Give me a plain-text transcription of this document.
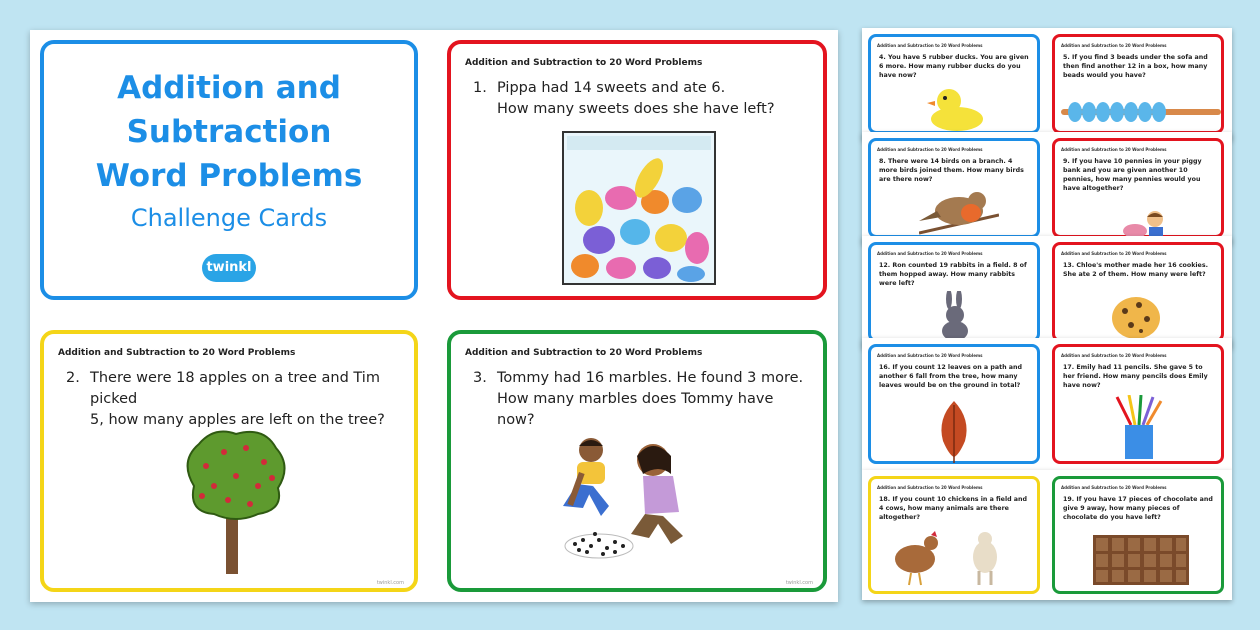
Addition and
Subtraction
Word Problems
Challenge Cards
twinkl
Addition and Subtraction to 20 Word Problems
1. Pippa had 14 sweets and ate 6.
How many sweets does she have left?
Addition and Subtraction to 20 Word Problems
2. There were 18 apples on a tree and Tim picked
5, how many apples are left on the tree?
twinkl.com
Addition and Subtraction to 20 Word Problems
3. Tommy had 16 marbles. He found 3 more.
How many marbles does Tommy have now?
twinkl.com
Addition and Subtraction to 20 Word Problems
4. You have 5 rubber ducks. You are given 6 more. How many rubber ducks do you have now?
Addition and Subtraction to 20 Word Problems
5. If you find 3 beads under the sofa and then find another 12 in a box, how many beads would you have?
Addition and Subtraction to 20 Word Problems
8. There were 14 birds on a branch. 4 more birds joined them. How many birds are there now?
Addition and Subtraction to 20 Word Problems
9. If you have 10 pennies in your piggy bank and you are given another 10 pennies, how many pennies would you have altogether?
Addition and Subtraction to 20 Word Problems
12. Ron counted 19 rabbits in a field. 8 of them hopped away. How many rabbits were left?
Addition and Subtraction to 20 Word Problems
13. Chloe's mother made her 16 cookies. She ate 2 of them. How many were left?
Addition and Subtraction to 20 Word Problems
16. If you count 12 leaves on a path and another 6 fall from the tree, how many leaves would be on the ground in total?
Addition and Subtraction to 20 Word Problems
17. Emily had 11 pencils. She gave 5 to her friend. How many pencils does Emily have now?
Addition and Subtraction to 20 Word Problems
18. If you count 10 chickens in a field and 4 cows, how many animals are there altogether?
Addition and Subtraction to 20 Word Problems
19. If you have 17 pieces of chocolate and give 9 away, how many pieces of chocolate do you have left?
